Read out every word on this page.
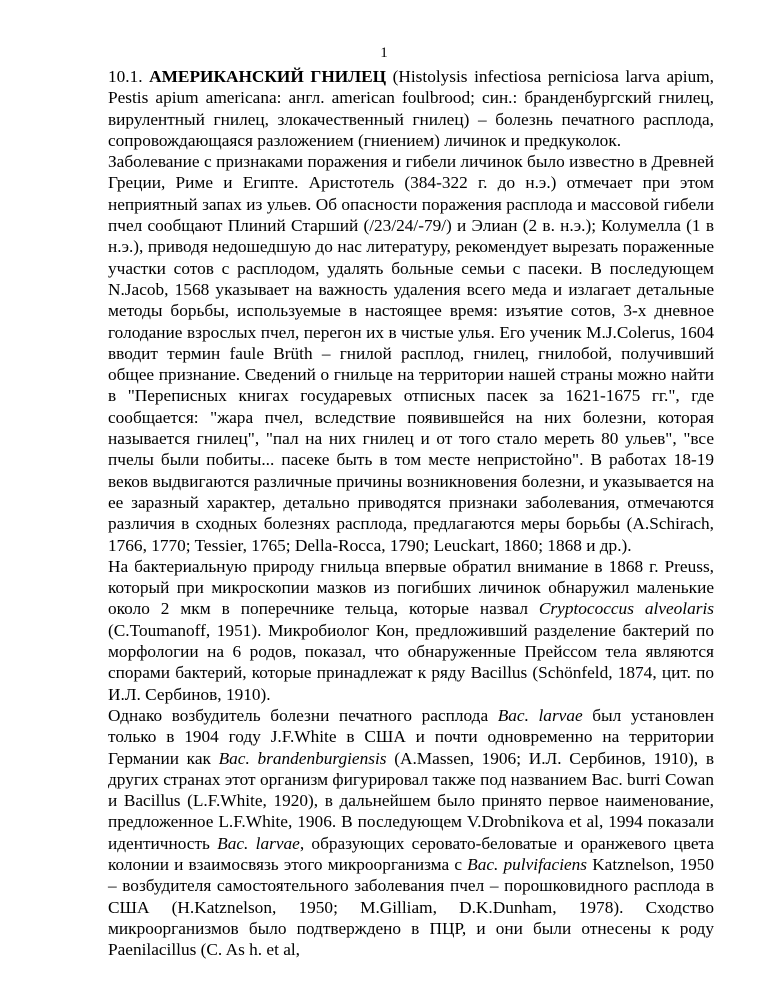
1

10.1. АМЕРИКАНСКИЙ ГНИЛЕЦ (Histolysis infectiosa perniciosa larva apium, Pestis apium americana: англ. american foulbrood; син.: бранденбургский гнилец, вирулентный гнилец, злокачественный гнилец) – болезнь печатного расплода, сопровождающаяся разложением (гниением) личинок и предкуколок.

Заболевание с признаками поражения и гибели личинок было известно в Древней Греции, Риме и Египте. Аристотель (384-322 г. до н.э.) отмечает при этом неприятный запах из ульев. Об опасности поражения расплода и массовой гибели пчел сообщают Плиний Старший (/23/24/-79/) и Элиан (2 в. н.э.); Колумелла (1 в н.э.), приводя недошедшую до нас литературу, рекомендует вырезать пораженные участки сотов с расплодом, удалять больные семьи с пасеки. В последующем N.Jacob, 1568 указывает на важность удаления всего меда и излагает детальные методы борьбы, используемые в настоящее время: изъятие сотов, 3-х дневное голодание взрослых пчел, перегон их в чистые улья. Его ученик M.J.Colerus, 1604 вводит термин faule Brüth – гнилой расплод, гнилец, гнилобой, получивший общее признание. Сведений о гнильце на территории нашей страны можно найти в "Переписных книгах государевых отписных пасек за 1621-1675 гг.", где сообщается: "жара пчел, вследствие появившейся на них болезни, которая называется гнилец", "пал на них гнилец и от того стало мереть 80 ульев", "все пчелы были побиты... пасеке быть в том месте непристойно". В работах 18-19 веков выдвигаются различные причины возникновения болезни, и указывается на ее заразный характер, детально приводятся признаки заболевания, отмечаются различия в сходных болезнях расплода, предлагаются меры борьбы (A.Schirach, 1766, 1770; Tessier, 1765; Della-Rocca, 1790; Leuckart, 1860; 1868 и др.).

На бактериальную природу гнильца впервые обратил внимание в 1868 г. Preuss, который при микроскопии мазков из погибших личинок обнаружил маленькие около 2 мкм в поперечнике тельца, которые назвал Cryptococcus alveolaris (C.Toumanoff, 1951). Микробиолог Кон, предложивший разделение бактерий по морфологии на 6 родов, показал, что обнаруженные Прейссом тела являются спорами бактерий, которые принадлежат к ряду Bacillus (Schönfeld, 1874, цит. по И.Л. Сербинов, 1910).

Однако возбудитель болезни печатного расплода Bac. larvae был установлен только в 1904 году J.F.White в США и почти одновременно на территории Германии как Bac. brandenburgiensis (A.Massen, 1906; И.Л. Сербинов, 1910), в других странах этот организм фигурировал также под названием Bac. burri Cowan и Bacillus (L.F.White, 1920), в дальнейшем было принято первое наименование, предложенное L.F.White, 1906. В последующем V.Drobnikova et al, 1994 показали идентичность Bac. larvae, образующих серовато-беловатые и оранжевого цвета колонии и взаимосвязь этого микроорганизма с Bac. pulvifaciens Katznelson, 1950 – возбудителя самостоятельного заболевания пчел – порошковидного расплода в США (H.Katznelson, 1950; M.Gilliam, D.K.Dunham, 1978). Сходство микроорганизмов было подтверждено в ПЦР, и они были отнесены к роду Paenilacillus (C. As h. et al,
